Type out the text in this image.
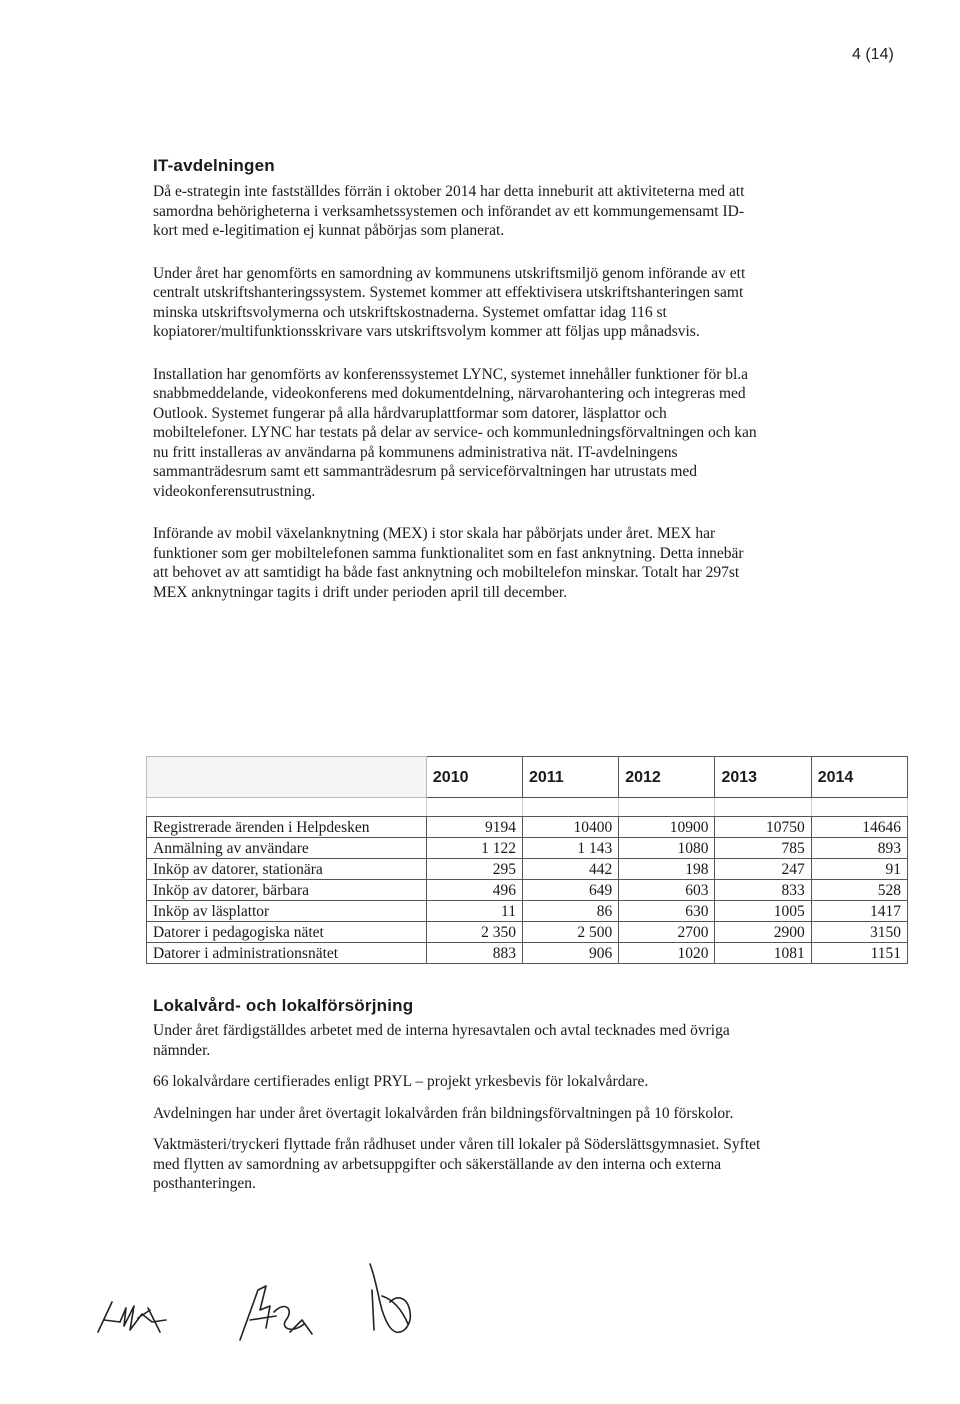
4 (14)
IT-avdelningen

Då e-strategin inte fastställdes förrän i oktober 2014 har detta inneburit att aktiviteterna med att samordna behörigheterna i verksamhetssystemen och införandet av ett kommungemensamt ID-kort med e-legitimation ej kunnat påbörjas som planerat.

Under året har genomförts en samordning av kommunens utskriftsmiljö genom införande av ett centralt utskriftshanteringssystem. Systemet kommer att effektivisera utskriftshanteringen samt minska utskriftsvolymerna och utskriftskostnaderna. Systemet omfattar idag 116 st kopiatorer/multifunktionsskrivare vars utskriftsvolym kommer att följas upp månadsvis.

Installation har genomförts av konferenssystemet LYNC, systemet innehåller funktioner för bl.a snabbmeddelande, videokonferens med dokumentdelning, närvarohantering och integreras med Outlook. Systemet fungerar på alla hårdvaruplattformar som datorer, läsplattor och mobiltelefoner. LYNC har testats på delar av service- och kommunledningsförvaltningen och kan nu fritt installeras av användarna på kommunens administrativa nät. IT-avdelningens sammanträdesrum samt ett sammanträdesrum på serviceförvaltningen har utrustats med videokonferensutrustning.

Införande av mobil växelanknytning (MEX) i stor skala har påbörjats under året. MEX har funktioner som ger mobiltelefonen samma funktionalitet som en fast anknytning. Detta innebär att behovet av att samtidigt ha både fast anknytning och mobiltelefon minskar. Totalt har 297st MEX anknytningar tagits i drift under perioden april till december.

	2010	2011	2012	2013	2014

Registrerade ärenden i Helpdesken	9194	10400	10900	10750	14646
Anmälning av användare	1 122	1 143	1080	785	893
Inköp av datorer, stationära	295	442	198	247	91
Inköp av datorer, bärbara	496	649	603	833	528
Inköp av läsplattor	11	86	630	1005	1417
Datorer i pedagogiska nätet	2 350	2 500	2700	2900	3150
Datorer i administrationsnätet	883	906	1020	1081	1151
Lokalvård- och lokalförsörjning

Under året färdigställdes arbetet med de interna hyresavtalen och avtal tecknades med övriga nämnder.

66 lokalvårdare certifierades enligt PRYL – projekt yrkesbevis för lokalvårdare.

Avdelningen har under året övertagit lokalvården från bildningsförvaltningen på 10 förskolor.

Vaktmästeri/tryckeri flyttade från rådhuset under våren till lokaler på Söderslättsgymnasiet. Syftet med flytten av samordning av arbetsuppgifter och säkerställande av den interna och externa posthanteringen.
